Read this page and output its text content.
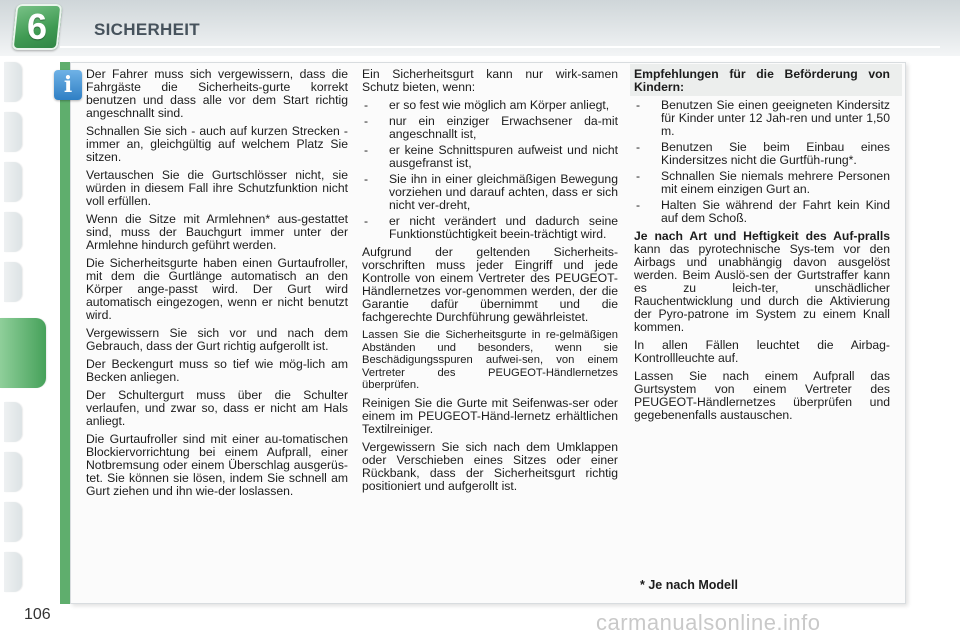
6	SICHERHEIT
i	Der Fahrer muss sich vergewissern, dass die Fahrgäste die Sicherheits-gurte korrekt benutzen und dass alle vor dem Start richtig angeschnallt sind.

Schnallen Sie sich - auch auf kurzen Strecken - immer an, gleichgültig auf welchem Platz Sie sitzen.

Vertauschen Sie die Gurtschlösser nicht, sie würden in diesem Fall ihre Schutzfunktion nicht voll erfüllen.

Wenn die Sitze mit Armlehnen* aus-gestattet sind, muss der Bauchgurt immer unter der Armlehne hindurch geführt werden.

Die Sicherheitsgurte haben einen Gurtaufroller, mit dem die Gurtlänge automatisch an den Körper ange-passt wird. Der Gurt wird automatisch eingezogen, wenn er nicht benutzt wird.

Vergewissern Sie sich vor und nach dem Gebrauch, dass der Gurt richtig aufgerollt ist.

Der Beckengurt muss so tief wie mög-lich am Becken anliegen.

Der Schultergurt muss über die Schulter verlaufen, und zwar so, dass er nicht am Hals anliegt.

Die Gurtaufroller sind mit einer au-tomatischen Blockiervorrichtung bei einem Aufprall, einer Notbremsung oder einem Überschlag ausgerüs-tet. Sie können sie lösen, indem Sie schnell am Gurt ziehen und ihn wie-der loslassen.

Ein Sicherheitsgurt kann nur wirk-samen Schutz bieten, wenn:

- er so fest wie möglich am Körper anliegt,
- nur ein einziger Erwachsener da-mit angeschnallt ist,
- er keine Schnittspuren aufweist und nicht ausgefranst ist,
- Sie ihn in einer gleichmäßigen Bewegung vorziehen und darauf achten, dass er sich nicht ver-dreht,
- er nicht verändert und dadurch seine Funktionstüchtigkeit beein-trächtigt wird.

Aufgrund der geltenden Sicherheits-vorschriften muss jeder Eingriff und jede Kontrolle von einem Vertreter des PEUGEOT-Händlernetzes vor-genommen werden, der die Garantie dafür übernimmt und die fachgerechte Durchführung gewährleistet.

Lassen Sie die Sicherheitsgurte in re-gelmäßigen Abständen und besonders, wenn sie Beschädigungsspuren aufwei-sen, von einem Vertreter des PEUGEOT-Händlernetzes überprüfen.

Reinigen Sie die Gurte mit Seifenwas-ser oder einem im PEUGEOT-Händ-lernetz erhältlichen Textilreiniger.

Vergewissern Sie sich nach dem Umklappen oder Verschieben eines Sitzes oder einer Rückbank, dass der Sicherheitsgurt richtig positioniert und aufgerollt ist.

Empfehlungen für die Beförderung von Kindern:

- Benutzen Sie einen geeigneten Kindersitz für Kinder unter 12 Jah-ren und unter 1,50 m.
- Benutzen Sie beim Einbau eines Kindersitzes nicht die Gurtfüh-rung*.
- Schnallen Sie niemals mehrere Personen mit einem einzigen Gurt an.
- Halten Sie während der Fahrt kein Kind auf dem Schoß.

Je nach Art und Heftigkeit des Auf-pralls kann das pyrotechnische Sys-tem vor den Airbags und unabhängig davon ausgelöst werden. Beim Auslö-sen der Gurtstraffer kann es zu leich-ter, unschädlicher Rauchentwicklung und durch die Aktivierung der Pyro-patrone im System zu einem Knall kommen.

In allen Fällen leuchtet die Airbag-Kontrollleuchte auf.

Lassen Sie nach einem Aufprall das Gurtsystem von einem Vertreter des PEUGEOT-Händlernetzes überprüfen und gegebenenfalls austauschen.

* Je nach Modell
106	carmanualsonline.info
